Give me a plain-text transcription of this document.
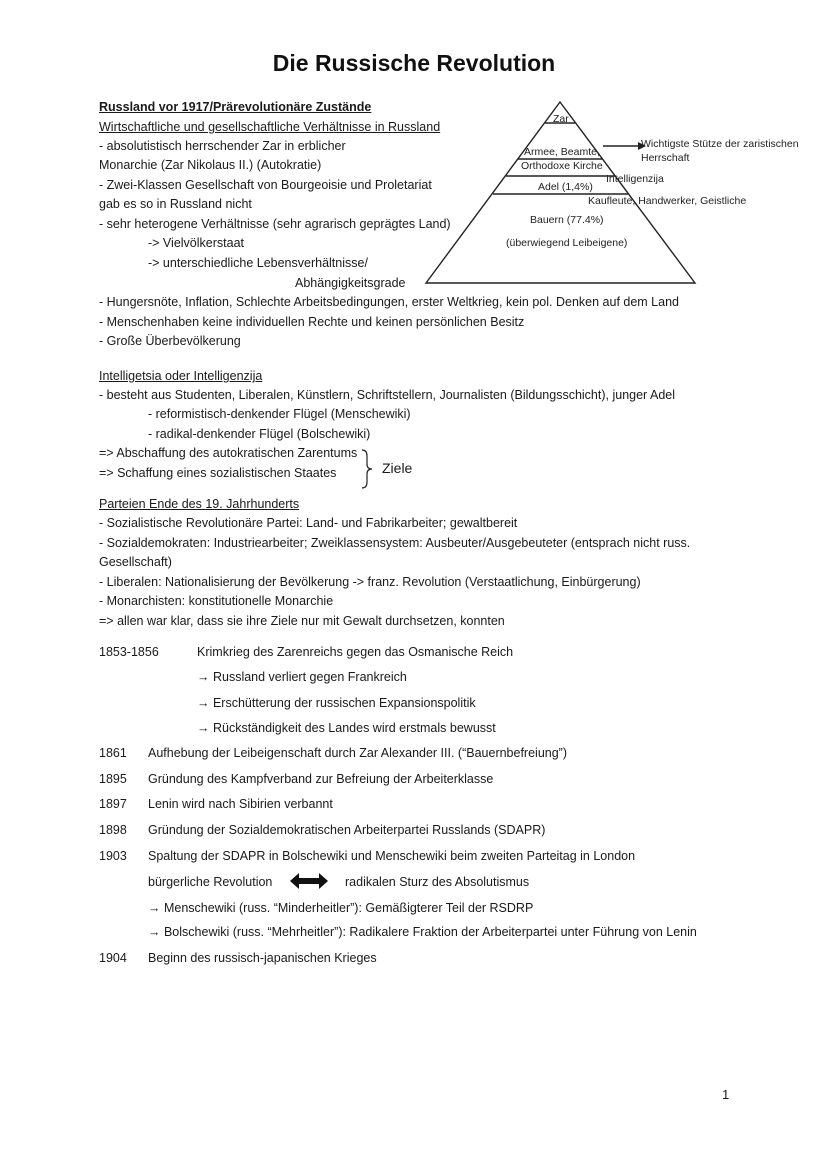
Die Russische Revolution
Russland vor 1917/Prärevolutionäre Zustände
Wirtschaftliche und gesellschaftliche Verhältnisse in Russland
- absolutistisch herrschender Zar in erblicher
Monarchie (Zar Nikolaus II.) (Autokratie)
- Zwei-Klassen Gesellschaft von Bourgeoisie und Proletariat
gab es so in Russland nicht
- sehr heterogene Verhältnisse (sehr agrarisch geprägtes Land)
-> Vielvölkerstaat
-> unterschiedliche Lebensverhältnisse/
Abhängigkeitsgrade
- Hungersnöte, Inflation, Schlechte Arbeitsbedingungen, erster Weltkrieg, kein pol. Denken auf dem Land
- Menschenhaben keine individuellen Rechte und keinen persönlichen Besitz
- Große Überbevölkerung
Zar
Armee, Beamte,
Orthodoxe Kirche
Intelligenzija
Adel (1,4%)
Kaufleute, Handwerker, Geistliche
Bauern (77.4%)
(überwiegend Leibeigene)
Wichtigste Stütze der zaristischen
Herrschaft
Intelligetsia oder Intelligenzija
- besteht aus Studenten, Liberalen, Künstlern, Schriftstellern, Journalisten (Bildungsschicht), junger Adel
- reformistisch-denkender Flügel (Menschewiki)
- radikal-denkender Flügel (Bolschewiki)
=> Abschaffung des autokratischen Zarentums
=> Schaffung eines sozialistischen Staates	Ziele
Parteien Ende des 19. Jahrhunderts
- Sozialistische Revolutionäre Partei: Land- und Fabrikarbeiter; gewaltbereit
- Sozialdemokraten: Industriearbeiter; Zweiklassensystem: Ausbeuter/Ausgebeuteter (entsprach nicht russ.
Gesellschaft)
- Liberalen: Nationalisierung der Bevölkerung -> franz. Revolution (Verstaatlichung, Einbürgerung)
- Monarchisten: konstitutionelle Monarchie
=> allen war klar, dass sie ihre Ziele nur mit Gewalt durchsetzen, konnten
1853-1856	Krimkrieg des Zarenreichs gegen das Osmanische Reich
→ Russland verliert gegen Frankreich
→ Erschütterung der russischen Expansionspolitik
→ Rückständigkeit des Landes wird erstmals bewusst
1861 Aufhebung der Leibeigenschaft durch Zar Alexander III. (“Bauernbefreiung”)
1895 Gründung des Kampfverband zur Befreiung der Arbeiterklasse
1897 Lenin wird nach Sibirien verbannt
1898 Gründung der Sozialdemokratischen Arbeiterpartei Russlands (SDAPR)
1903 Spaltung der SDAPR in Bolschewiki und Menschewiki beim zweiten Parteitag in London
bürgerliche Revolution	radikalen Sturz des Absolutismus
→ Menschewiki (russ. “Minderheitler”): Gemäßigterer Teil der RSDRP
→ Bolschewiki (russ. “Mehrheitler”): Radikalere Fraktion der Arbeiterpartei unter Führung von Lenin
1904 Beginn des russisch-japanischen Krieges
1
